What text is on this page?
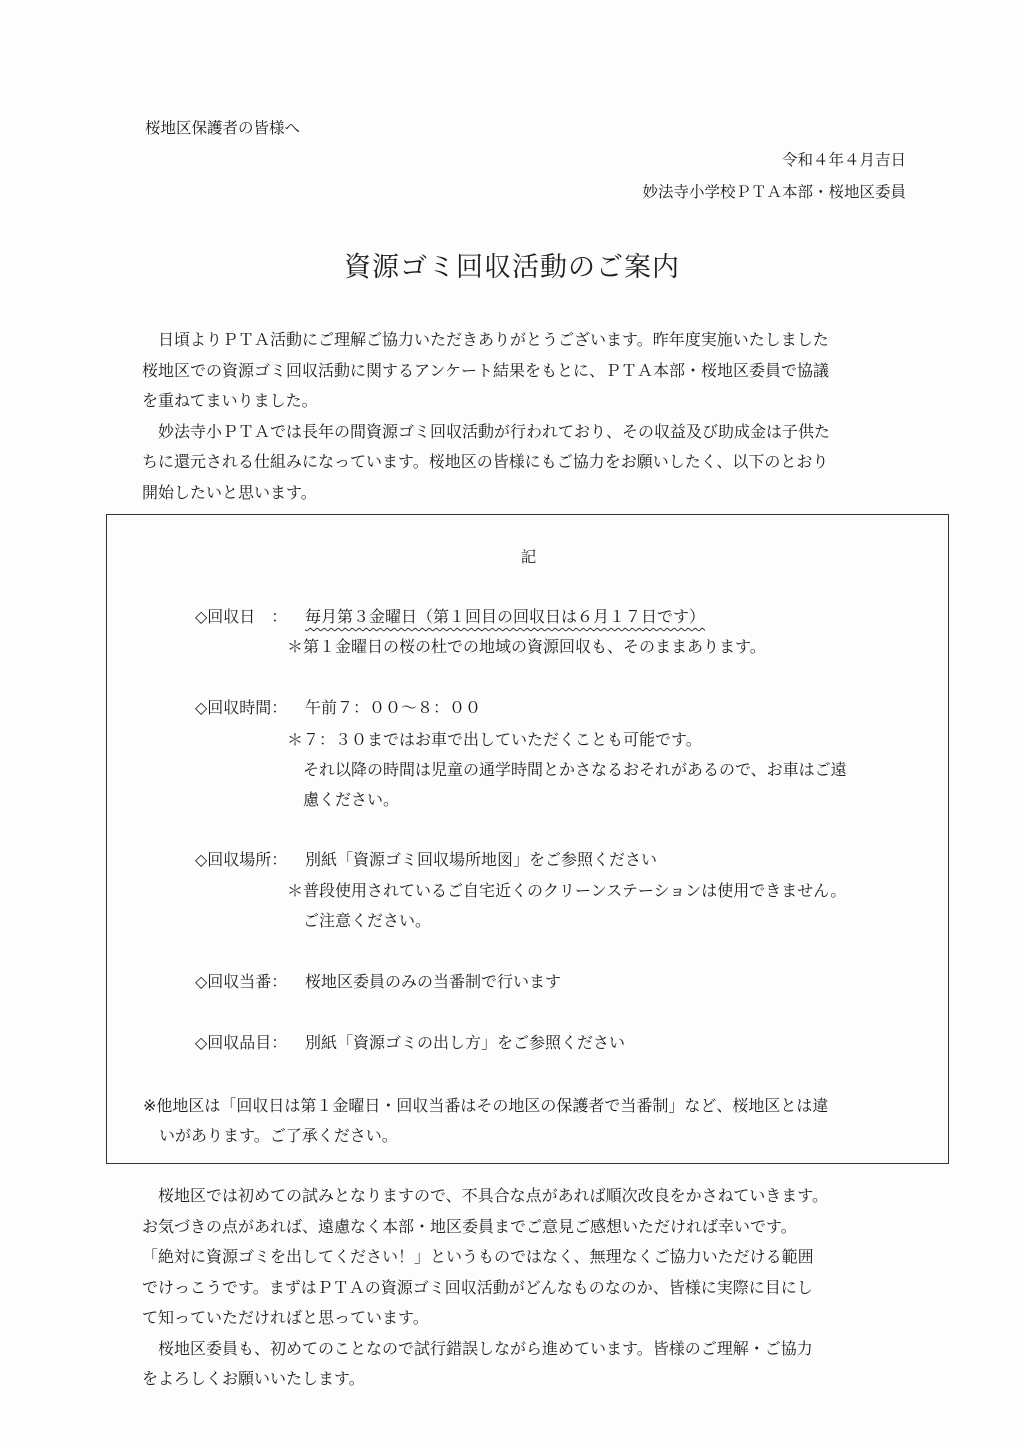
桜地区保護者の皆様へ
令和４年４月吉日
妙法寺小学校ＰＴＡ本部・桜地区委員
資源ゴミ回収活動のご案内
　日頃よりＰＴＡ活動にご理解ご協力いただきありがとうございます。昨年度実施いたしました
桜地区での資源ゴミ回収活動に関するアンケート結果をもとに、ＰＴＡ本部・桜地区委員で協議
を重ねてまいりました。
　妙法寺小ＰＴＡでは長年の間資源ゴミ回収活動が行われており、その収益及び助成金は子供た
ちに還元される仕組みになっています。桜地区の皆様にもご協力をお願いしたく、以下のとおり
開始したいと思います。
記
◇回収日　： 毎月第３金曜日（第１回目の回収日は６月１７日です）
＊第１金曜日の桜の杜での地域の資源回収も、そのままあります。
◇回収時間： 午前７：００～８：００
＊７：３０まではお車で出していただくことも可能です。
それ以降の時間は児童の通学時間とかさなるおそれがあるので、お車はご遠
慮ください。
◇回収場所： 別紙「資源ゴミ回収場所地図」をご参照ください
＊普段使用されているご自宅近くのクリーンステーションは使用できません。
ご注意ください。
◇回収当番： 桜地区委員のみの当番制で行います
◇回収品目： 別紙「資源ゴミの出し方」をご参照ください
※他地区は「回収日は第１金曜日・回収当番はその地区の保護者で当番制」など、桜地区とは違
いがあります。ご了承ください。
　桜地区では初めての試みとなりますので、不具合な点があれば順次改良をかさねていきます。
お気づきの点があれば、遠慮なく本部・地区委員までご意見ご感想いただければ幸いです。
「絶対に資源ゴミを出してください！」というものではなく、無理なくご協力いただける範囲
でけっこうです。まずはＰＴＡの資源ゴミ回収活動がどんなものなのか、皆様に実際に目にし
て知っていただければと思っています。
　桜地区委員も、初めてのことなので試行錯誤しながら進めています。皆様のご理解・ご協力
をよろしくお願いいたします。
